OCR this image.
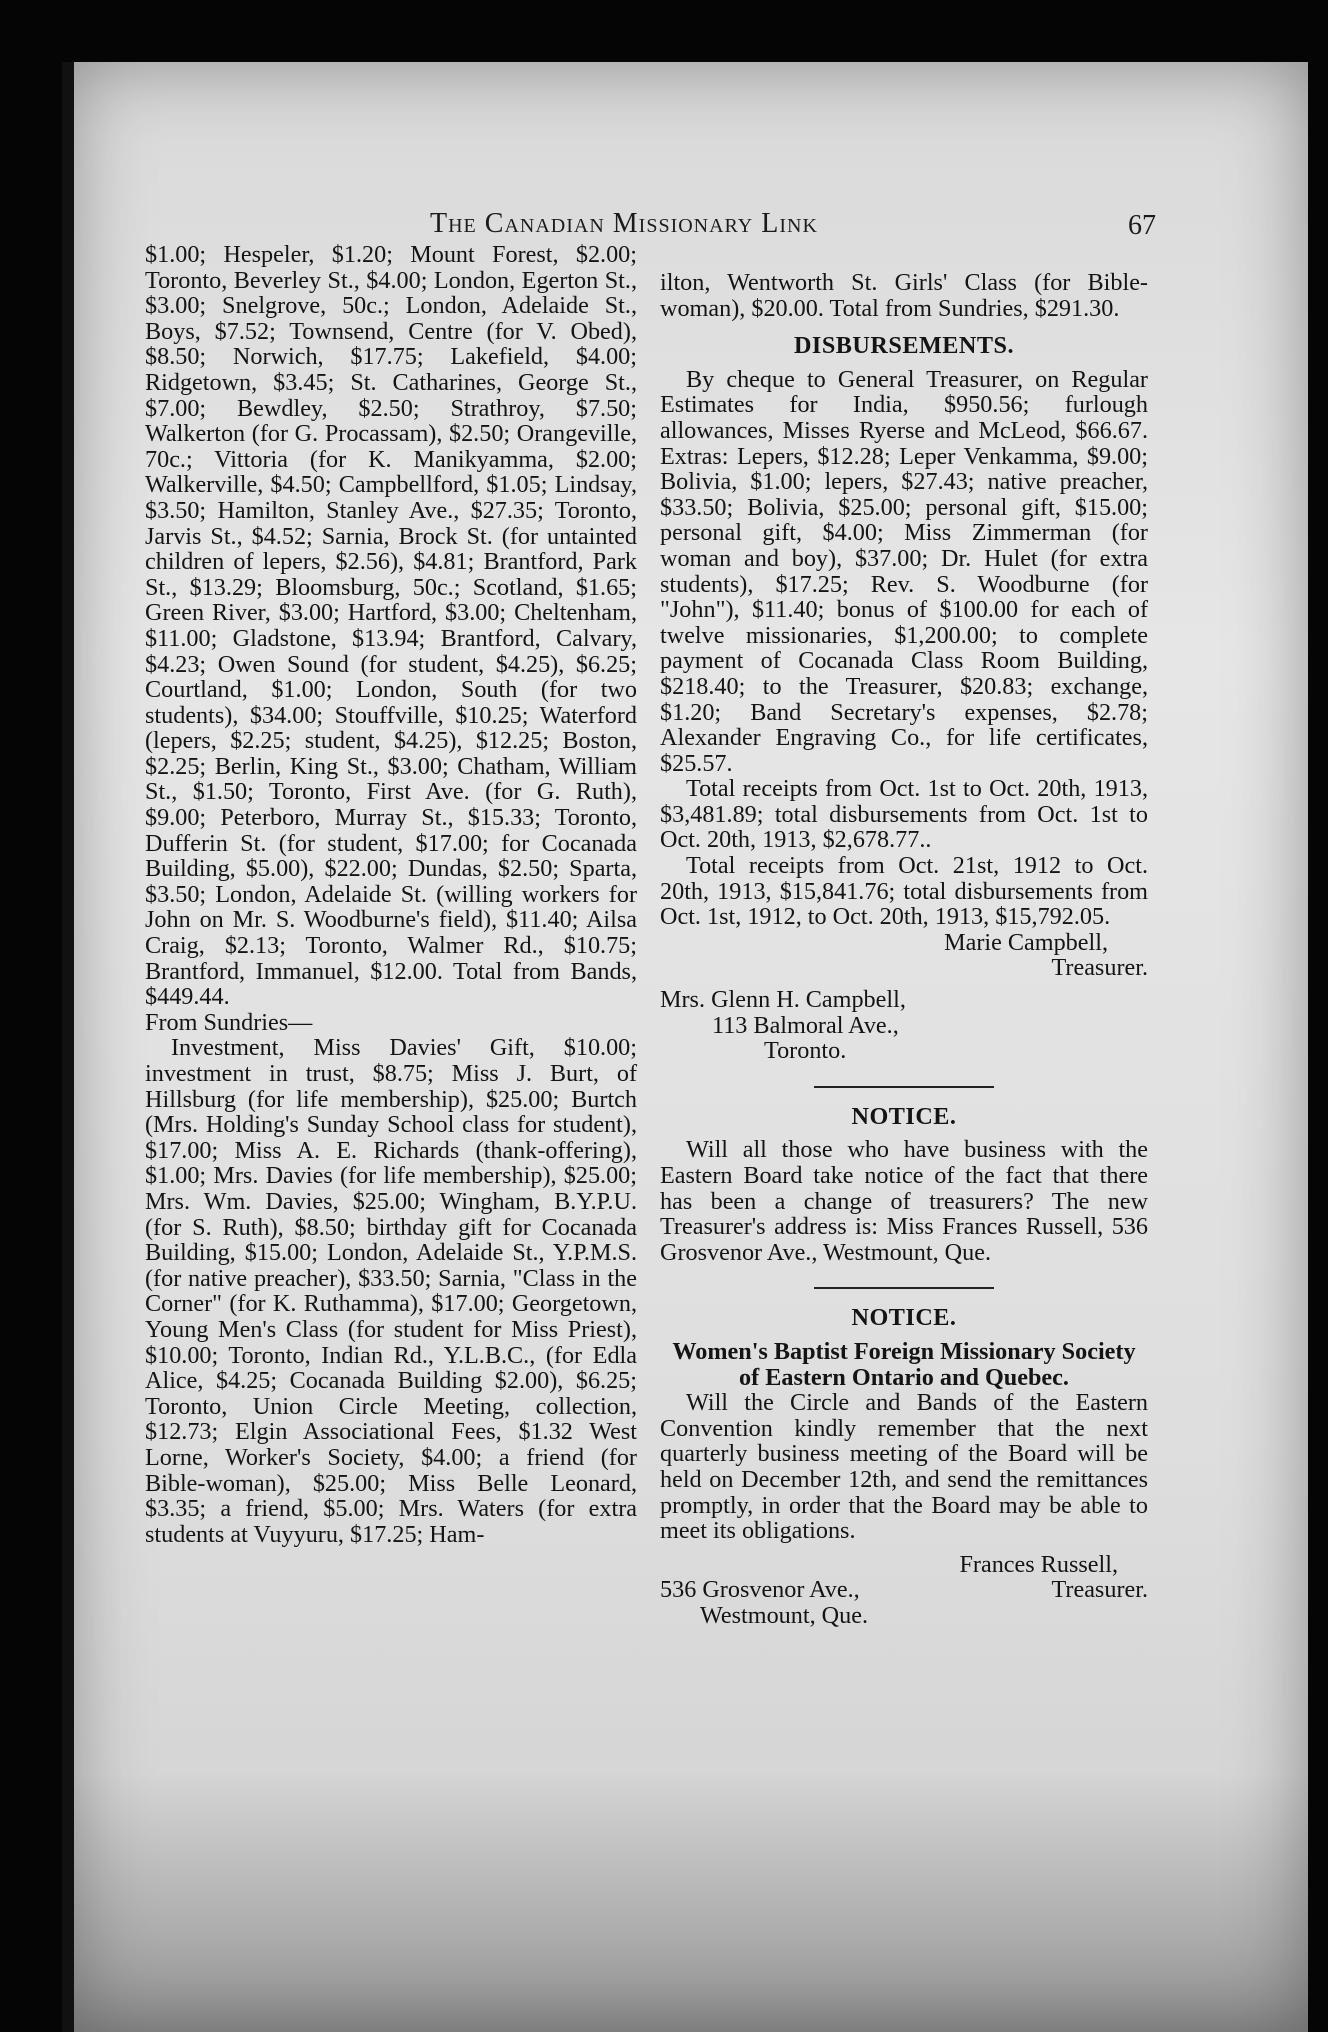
The Canadian Missionary Link	67

$1.00; Hespeler, $1.20; Mount Forest, $2.00; Toronto, Beverley St., $4.00; London, Egerton St., $3.00; Snelgrove, 50c.; London, Adelaide St., Boys, $7.52; Townsend, Centre (for V. Obed), $8.50; Norwich, $17.75; Lakefield, $4.00; Ridgetown, $3.45; St. Catharines, George St., $7.00; Bewdley, $2.50; Strathroy, $7.50; Walkerton (for G. Procassam), $2.50; Orangeville, 70c.; Vittoria (for K. Manikyamma, $2.00; Walkerville, $4.50; Campbellford, $1.05; Lindsay, $3.50; Hamilton, Stanley Ave., $27.35; Toronto, Jarvis St., $4.52; Sarnia, Brock St. (for untainted children of lepers, $2.56), $4.81; Brantford, Park St., $13.29; Bloomsburg, 50c.; Scotland, $1.65; Green River, $3.00; Hartford, $3.00; Cheltenham, $11.00; Gladstone, $13.94; Brantford, Calvary, $4.23; Owen Sound (for student, $4.25), $6.25; Courtland, $1.00; London, South (for two students), $34.00; Stouffville, $10.25; Waterford (lepers, $2.25; student, $4.25), $12.25; Boston, $2.25; Berlin, King St., $3.00; Chatham, William St., $1.50; Toronto, First Ave. (for G. Ruth), $9.00; Peterboro, Murray St., $15.33; Toronto, Dufferin St. (for student, $17.00; for Cocanada Building, $5.00), $22.00; Dundas, $2.50; Sparta, $3.50; London, Adelaide St. (willing workers for John on Mr. S. Woodburne's field), $11.40; Ailsa Craig, $2.13; Toronto, Walmer Rd., $10.75; Brantford, Immanuel, $12.00. Total from Bands, $449.44.

From Sundries—

Investment, Miss Davies' Gift, $10.00; investment in trust, $8.75; Miss J. Burt, of Hillsburg (for life membership), $25.00; Burtch (Mrs. Holding's Sunday School class for student), $17.00; Miss A. E. Richards (thank-offering), $1.00; Mrs. Davies (for life membership), $25.00; Mrs. Wm. Davies, $25.00; Wingham, B.Y.P.U. (for S. Ruth), $8.50; birthday gift for Cocanada Building, $15.00; London, Adelaide St., Y.P.M.S. (for native preacher), $33.50; Sarnia, "Class in the Corner" (for K. Ruthamma), $17.00; Georgetown, Young Men's Class (for student for Miss Priest), $10.00; Toronto, Indian Rd., Y.L.B.C., (for Edla Alice, $4.25; Cocanada Building $2.00), $6.25; Toronto, Union Circle Meeting, collection, $12.73; Elgin Associational Fees, $1.32 West Lorne, Worker's Society, $4.00; a friend (for Bible-woman), $25.00; Miss Belle Leonard, $3.35; a friend, $5.00; Mrs. Waters (for extra students at Vuyyuru, $17.25; Ham-

ilton, Wentworth St. Girls' Class (for Bible-woman), $20.00. Total from Sundries, $291.30.

DISBURSEMENTS.

By cheque to General Treasurer, on Regular Estimates for India, $950.56; furlough allowances, Misses Ryerse and McLeod, $66.67. Extras: Lepers, $12.28; Leper Venkamma, $9.00; Bolivia, $1.00; lepers, $27.43; native preacher, $33.50; Bolivia, $25.00; personal gift, $15.00; personal gift, $4.00; Miss Zimmerman (for woman and boy), $37.00; Dr. Hulet (for extra students), $17.25; Rev. S. Woodburne (for "John"), $11.40; bonus of $100.00 for each of twelve missionaries, $1,200.00; to complete payment of Cocanada Class Room Building, $218.40; to the Treasurer, $20.83; exchange, $1.20; Band Secretary's expenses, $2.78; Alexander Engraving Co., for life certificates, $25.57.

Total receipts from Oct. 1st to Oct. 20th, 1913, $3,481.89; total disbursements from Oct. 1st to Oct. 20th, 1913, $2,678.77..

Total receipts from Oct. 21st, 1912 to Oct. 20th, 1913, $15,841.76; total disbursements from Oct. 1st, 1912, to Oct. 20th, 1913, $15,792.05.

Marie Campbell,
Treasurer.
Mrs. Glenn H. Campbell,
113 Balmoral Ave.,
Toronto.
NOTICE.

Will all those who have business with the Eastern Board take notice of the fact that there has been a change of treasurers? The new Treasurer's address is: Miss Frances Russell, 536 Grosvenor Ave., Westmount, Que.

NOTICE.
Women's Baptist Foreign Missionary Society of Eastern Ontario and Quebec.

Will the Circle and Bands of the Eastern Convention kindly remember that the next quarterly business meeting of the Board will be held on December 12th, and send the remittances promptly, in order that the Board may be able to meet its obligations.

Frances Russell,
536 Grosvenor Ave.,	Treasurer.
Westmount, Que.
